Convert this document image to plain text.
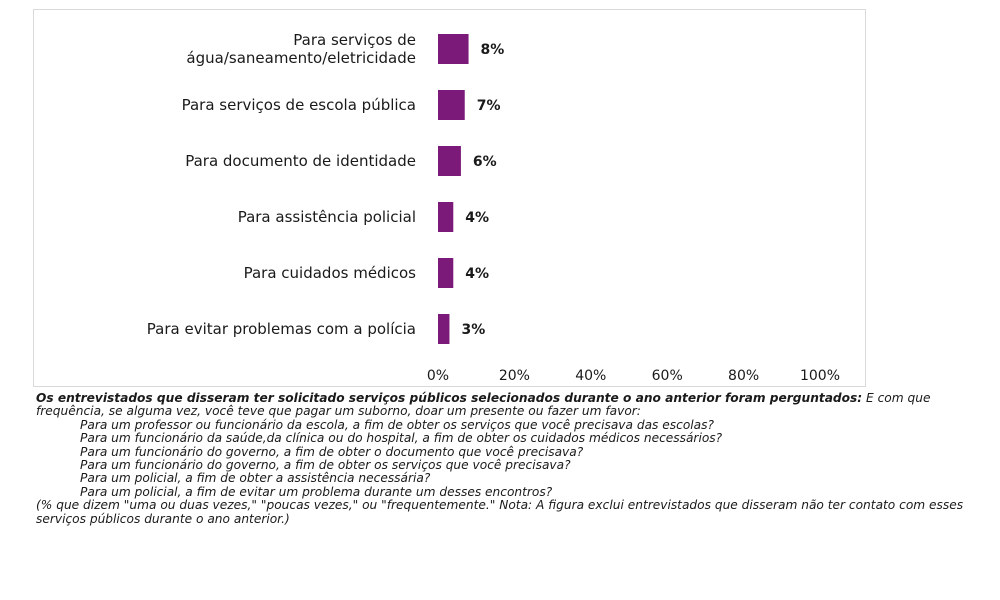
8%
Para serviços de água/saneamento/eletricidade
7%
Para serviços de escola pública
6%
Para documento de identidade
4%
Para assistência policial
4%
Para cuidados médicos
3%
Para evitar problemas com a polícia
0%	20%	40%	60%	80%	100%

Os entrevistados que disseram ter solicitado serviços públicos selecionados durante o ano anterior foram perguntados: E com que frequência, se alguma vez, você teve que pagar um suborno, doar um presente ou fazer um favor:

Para um professor ou funcionário da escola, a fim de obter os serviços que você precisava das escolas?

Para um funcionário da saúde,da clínica ou do hospital, a fim de obter os cuidados médicos necessários?

Para um funcionário do governo, a fim de obter o documento que você precisava?

Para um funcionário do governo, a fim de obter os serviços que você precisava?

Para um policial, a fim de obter a assistência necessária?

Para um policial, a fim de evitar um problema durante um desses encontros?

(% que dizem "uma ou duas vezes," "poucas vezes," ou "frequentemente." Nota: A figura exclui entrevistados que disseram não ter contato com esses serviços públicos durante o ano anterior.)
